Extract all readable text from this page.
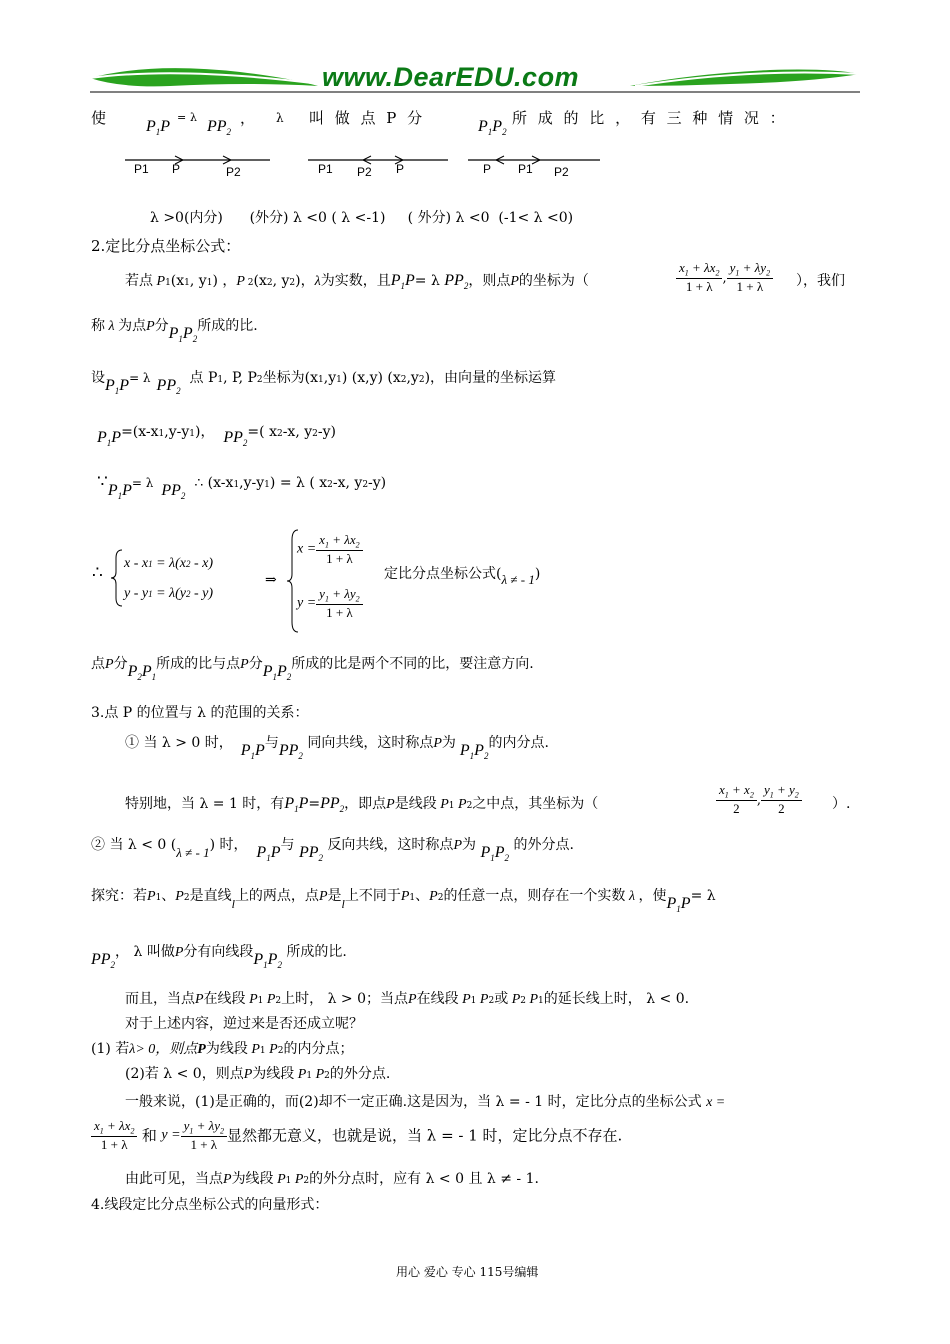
www.DearEDU.com
使 $P_1P$
= λ
$PP_2$
， λ 叫 做 点 P 分	$P_1P_2$
所 成 的 比 ， 有 三 种 情 况 ：
P1 P	P2	P1 P2 P	P P1 P2
λ >0(内分)      (外分) λ <0 ( λ <-1)     ( 外分) λ <0  (-1< λ <0)
2.定比分点坐标公式：
若点 P1(x1, y1) ，P 2(x2, y2)，λ为实数，且$P_1P= \lambda$ $PP_2$，则点P的坐标为（	$\frac{x_1 + \lambda x_2}{1 + \lambda}$ , $\frac{y_1 + \lambda y_2}{1 + \lambda}$ ），我们
称 λ 为点P分$P_1P_2$所成的比.
设$P_1P= \lambda$ $PP_2$  点 P1, P, P2坐标为(x1,y1) (x,y) (x2,y2)，由向量的坐标运算
$P_1P=(x-x1,y-y1)$， $PP_2=$( x2-x, y2-y)
$\because P_1P= \lambda$ $PP_2$  ∴ (x-x1,y-y1) = λ ( x2-x, y2-y)
∴ x - x1 = λ(x2 - x)
y - y1 = λ(y2 - y)
⇒
$x = \frac{x_1 + \lambda x_2}{1 + \lambda}$
$y = \frac{y_1 + \lambda y_2}{1 + \lambda}$
定比分点坐标公式(λ ≠ - 1)
点P分$P_2P_1$所成的比与点P分$P_1P_2$所成的比是两个不同的比，要注意方向.
3.点 P 的位置与 λ 的范围的关系：
① 当 λ > 0 时， $P_1P$与$PP_2$ 同向共线，这时称点P为 $P_1P_2$的内分点.
特别地，当 λ = 1 时，有$P_1P=PP_2$，即点P是线段 P1 P2之中点，其坐标为（	$\frac{x_1 + x_2}{2}$ , $\frac{y_1 + y_2}{2}$ ）.
② 当 λ < 0 (λ ≠ - 1) 时， $P_1P$与 $PP_2$ 反向共线，这时称点P为 $P_1P_2$ 的外分点.
探究：若P1、P2是直线l上的两点，点P是l上不同于P1、P2的任意一点，则存在一个实数 λ ，使$P_1P= \lambda$
$PP_2$， λ 叫做P分有向线段$P_1P_2$ 所成的比.
而且，当点P在线段 P1 P2上时， λ > 0；当点P在线段 P1 P2或 P2 P1的延长线上时， λ < 0.
对于上述内容，逆过来是否还成立呢？
(1) 若λ> 0，则点P为线段 P1 P2的内分点；
(2)若 λ < 0，则点P为线段 P1 P2的外分点.
一般来说，(1)是正确的，而(2)却不一定正确.这是因为，当 λ = - 1 时，定比分点的坐标公式 x =
$\frac{x_1 + \lambda x_2}{1 + \lambda}$ 和 $y = \frac{y_1 + \lambda y_2}{1 + \lambda}$ 显然都无意义，也就是说，当 λ = - 1 时，定比分点不存在.
由此可见，当点P为线段 P1 P2的外分点时，应有 λ < 0 且 λ ≠ - 1.
4.线段定比分点坐标公式的向量形式：
用心 爱心 专心 115号编辑
